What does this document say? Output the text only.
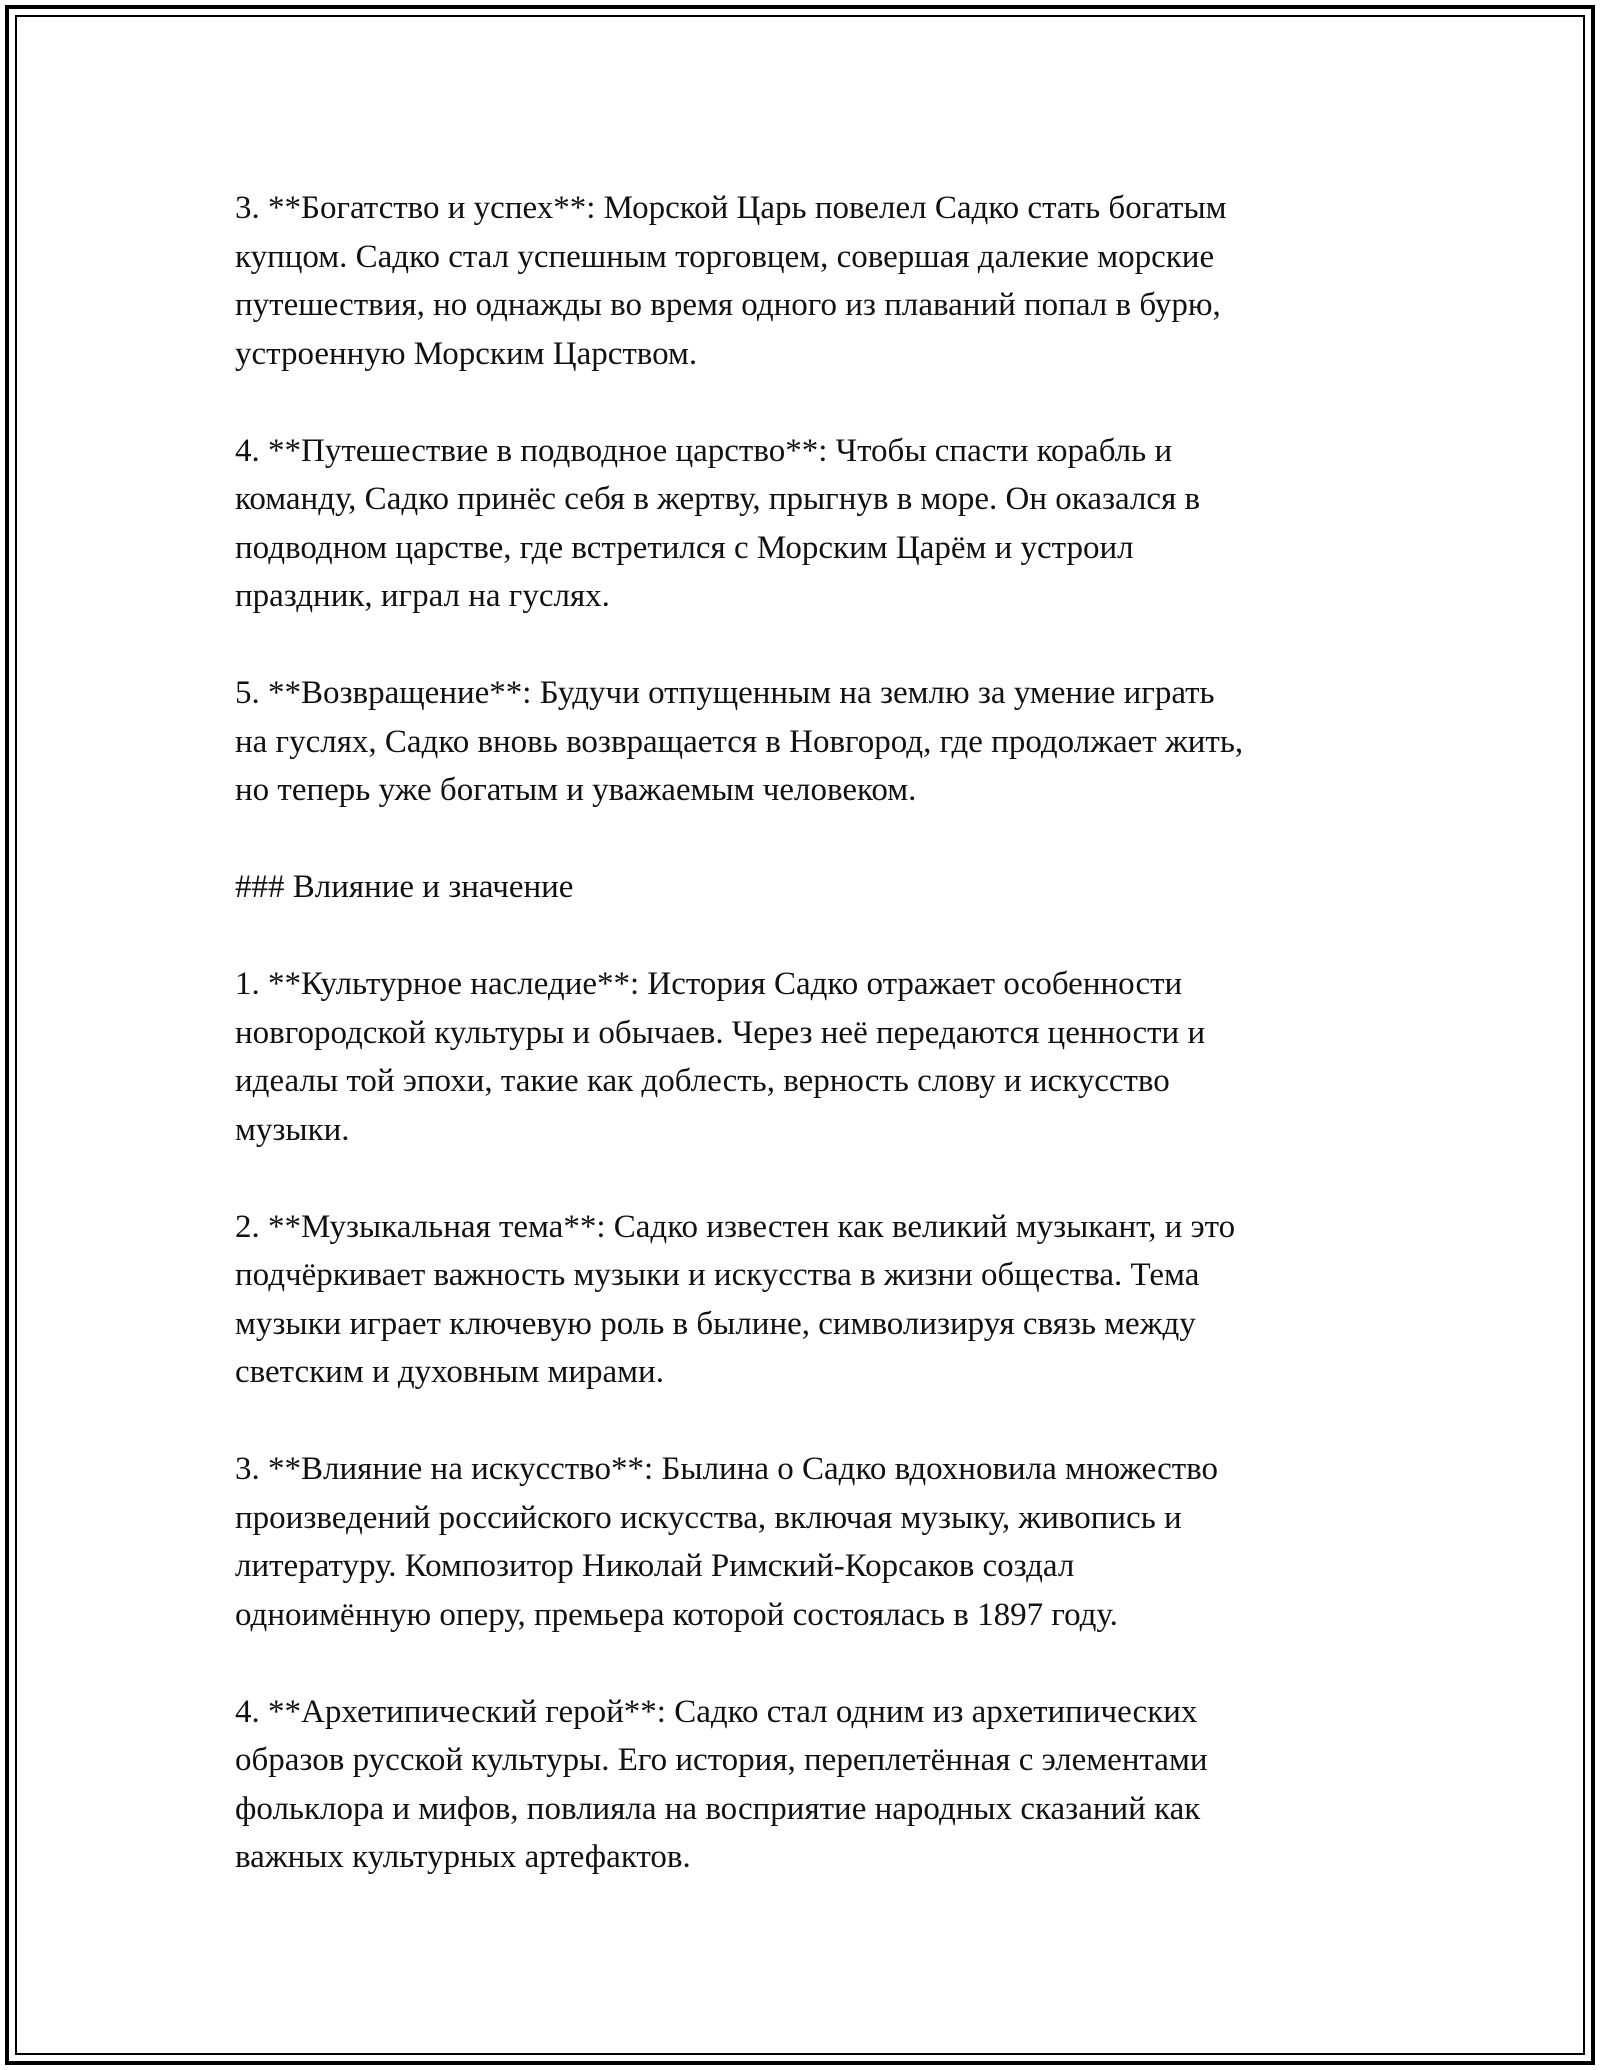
3. **Богатство и успех**: Морской Царь повелел Садко стать богатым
купцом. Садко стал успешным торговцем, совершая далекие морские
путешествия, но однажды во время одного из плаваний попал в бурю,
устроенную Морским Царством.

4. **Путешествие в подводное царство**: Чтобы спасти корабль и
команду, Садко принёс себя в жертву, прыгнув в море. Он оказался в
подводном царстве, где встретился с Морским Царём и устроил
праздник, играл на гуслях.

5. **Возвращение**: Будучи отпущенным на землю за умение играть
на гуслях, Садко вновь возвращается в Новгород, где продолжает жить,
но теперь уже богатым и уважаемым человеком.

### Влияние и значение

1. **Культурное наследие**: История Садко отражает особенности
новгородской культуры и обычаев. Через неё передаются ценности и
идеалы той эпохи, такие как доблесть, верность слову и искусство
музыки.

2. **Музыкальная тема**: Садко известен как великий музыкант, и это
подчёркивает важность музыки и искусства в жизни общества. Тема
музыки играет ключевую роль в былине, символизируя связь между
светским и духовным мирами.

3. **Влияние на искусство**: Былина о Садко вдохновила множество
произведений российского искусства, включая музыку, живопись и
литературу. Композитор Николай Римский-Корсаков создал
одноимённую оперу, премьера которой состоялась в 1897 году.

4. **Архетипический герой**: Садко стал одним из архетипических
образов русской культуры. Его история, переплетённая с элементами
фольклора и мифов, повлияла на восприятие народных сказаний как
важных культурных артефактов.
